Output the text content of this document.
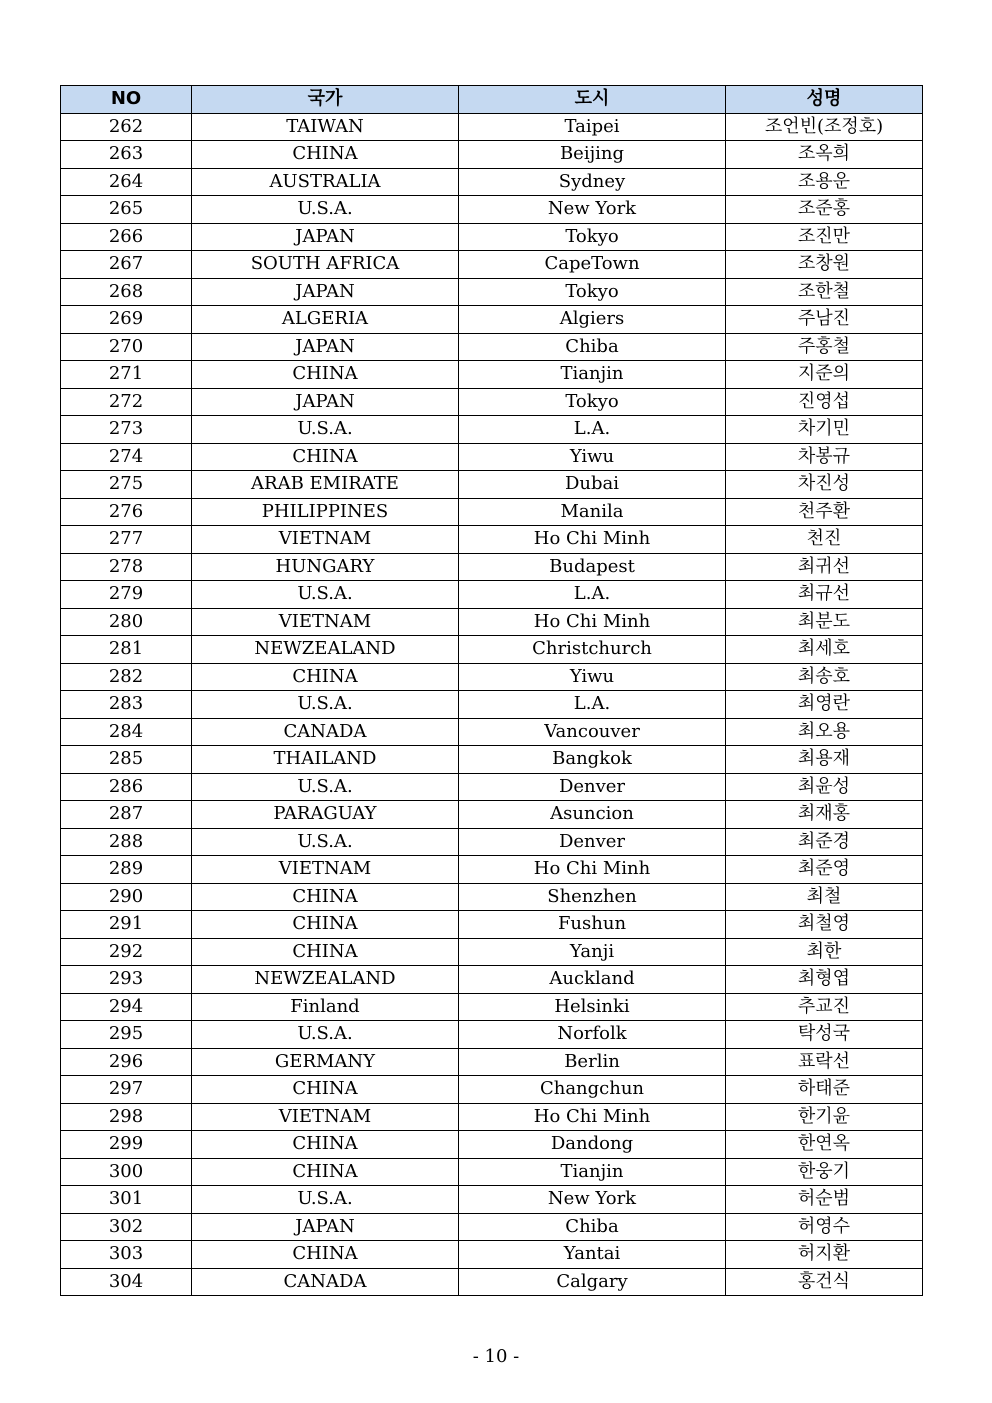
NO	국가	도시	성명
262	TAIWAN	Taipei	조언빈(조정호)
263	CHINA	Beijing	조옥희
264	AUSTRALIA	Sydney	조용운
265	U.S.A.	New York	조준홍
266	JAPAN	Tokyo	조진만
267	SOUTH AFRICA	CapeTown	조창원
268	JAPAN	Tokyo	조한철
269	ALGERIA	Algiers	주남진
270	JAPAN	Chiba	주홍철
271	CHINA	Tianjin	지준의
272	JAPAN	Tokyo	진영섭
273	U.S.A.	L.A.	차기민
274	CHINA	Yiwu	차봉규
275	ARAB EMIRATE	Dubai	차진성
276	PHILIPPINES	Manila	천주환
277	VIETNAM	Ho Chi Minh	천진
278	HUNGARY	Budapest	최귀선
279	U.S.A.	L.A.	최규선
280	VIETNAM	Ho Chi Minh	최분도
281	NEWZEALAND	Christchurch	최세호
282	CHINA	Yiwu	최송호
283	U.S.A.	L.A.	최영란
284	CANADA	Vancouver	최오용
285	THAILAND	Bangkok	최용재
286	U.S.A.	Denver	최윤성
287	PARAGUAY	Asuncion	최재홍
288	U.S.A.	Denver	최준경
289	VIETNAM	Ho Chi Minh	최준영
290	CHINA	Shenzhen	최철
291	CHINA	Fushun	최철영
292	CHINA	Yanji	최한
293	NEWZEALAND	Auckland	최형엽
294	Finland	Helsinki	추교진
295	U.S.A.	Norfolk	탁성국
296	GERMANY	Berlin	표락선
297	CHINA	Changchun	하태준
298	VIETNAM	Ho Chi Minh	한기윤
299	CHINA	Dandong	한연옥
300	CHINA	Tianjin	한웅기
301	U.S.A.	New York	허순범
302	JAPAN	Chiba	허영수
303	CHINA	Yantai	허지환
304	CANADA	Calgary	홍건식
- 10 -
